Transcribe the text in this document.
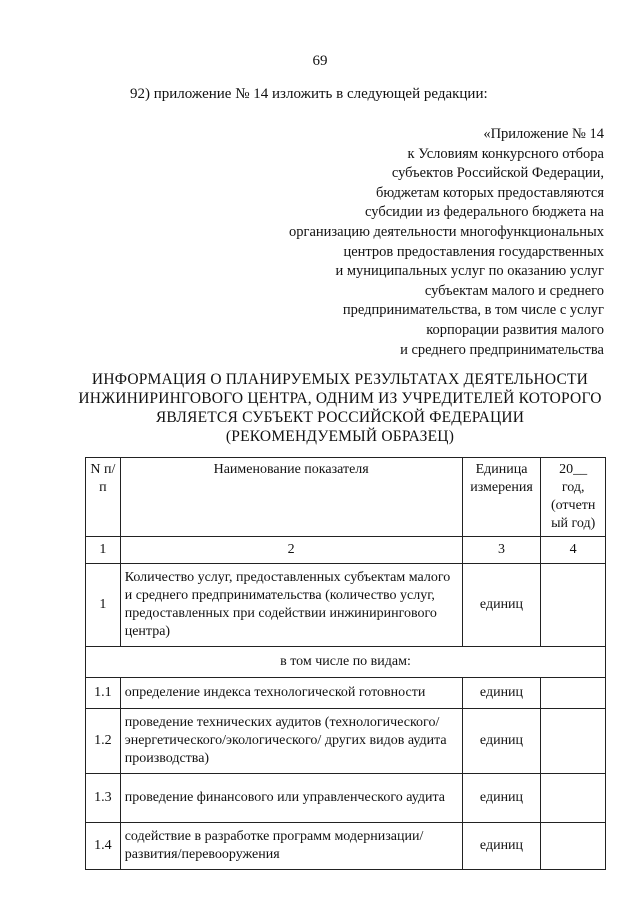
69
92) приложение № 14 изложить в следующей редакции:
«Приложение № 14
к Условиям конкурсного отбора
субъектов Российской Федерации,
бюджетам которых предоставляются
субсидии из федерального бюджета на
организацию деятельности многофункциональных
центров предоставления государственных
и муниципальных услуг по оказанию услуг
субъектам малого и среднего
предпринимательства, в том числе с услуг
корпорации развития малого
и среднего предпринимательства
ИНФОРМАЦИЯ О ПЛАНИРУЕМЫХ РЕЗУЛЬТАТАХ ДЕЯТЕЛЬНОСТИ
ИНЖИНИРИНГОВОГО ЦЕНТРА, ОДНИМ ИЗ УЧРЕДИТЕЛЕЙ КОТОРОГО
ЯВЛЯЕТСЯ СУБЪЕКТ РОССИЙСКОЙ ФЕДЕРАЦИИ
(РЕКОМЕНДУЕМЫЙ ОБРАЗЕЦ)
N п/п	Наименование показателя	Единица измерения	20__
год,
(отчетн
ый год)

1	2	3	4
1	Количество услуг, предоставленных субъектам малого и среднего предпринимательства (количество услуг, предоставленных при содействии инжинирингового центра)	единиц	
в том числе по видам:			
1.1	определение индекса технологической готовности	единиц	
1.2	проведение технических аудитов (технологического/энергетического/экологического/ других видов аудита производства)	единиц	
1.3	проведение финансового или управленческого аудита	единиц	
1.4	содействие в разработке программ модернизации/развития/перевооружения	единиц	
